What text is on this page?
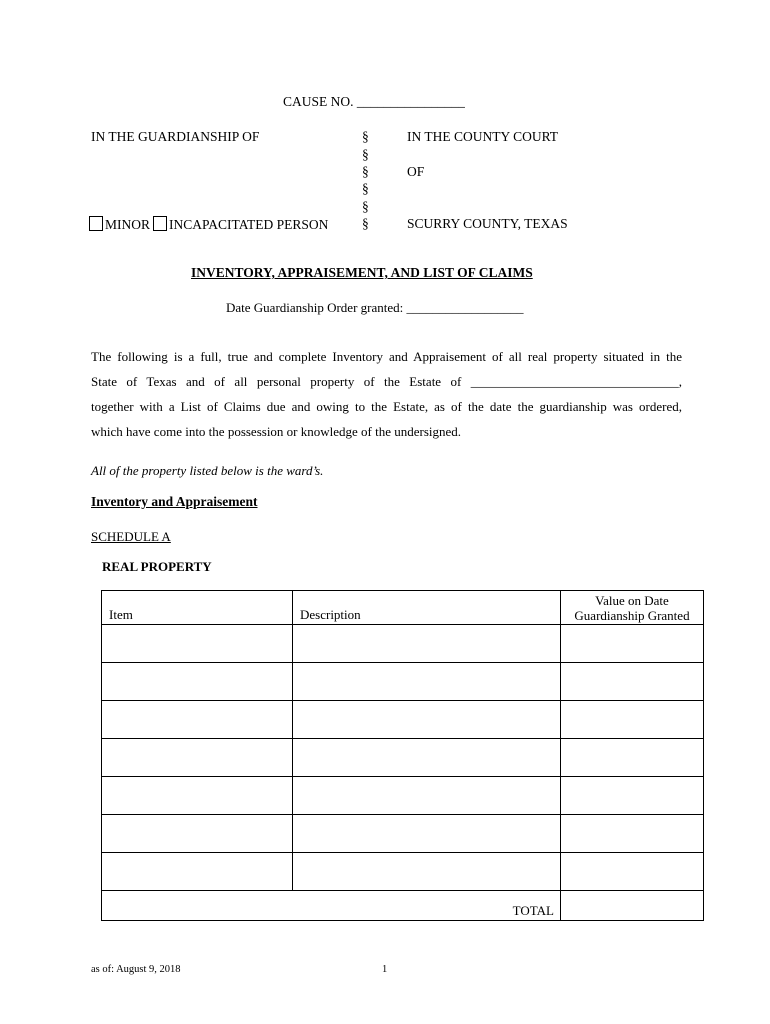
CAUSE NO. ________________
IN THE GUARDIANSHIP OF	§
§
§
§
§
§
IN THE COUNTY COURT
OF
SCURRY COUNTY, TEXAS
MINOR INCAPACITATED PERSON
INVENTORY, APPRAISEMENT, AND LIST OF CLAIMS
Date Guardianship Order granted: __________________
The following is a full, true and complete Inventory and Appraisement of all real property situated in the
State of Texas and of all personal property of the Estate of ________________________________,
together with a List of Claims due and owing to the Estate, as of the date the guardianship was ordered,
which have come into the possession or knowledge of the undersigned.
All of the property listed below is the ward’s.
Inventory and Appraisement
SCHEDULE A
REAL PROPERTY
Item	Description	Value on Date
Guardianship Granted

TOTAL		
as of: August 9, 2018	1
